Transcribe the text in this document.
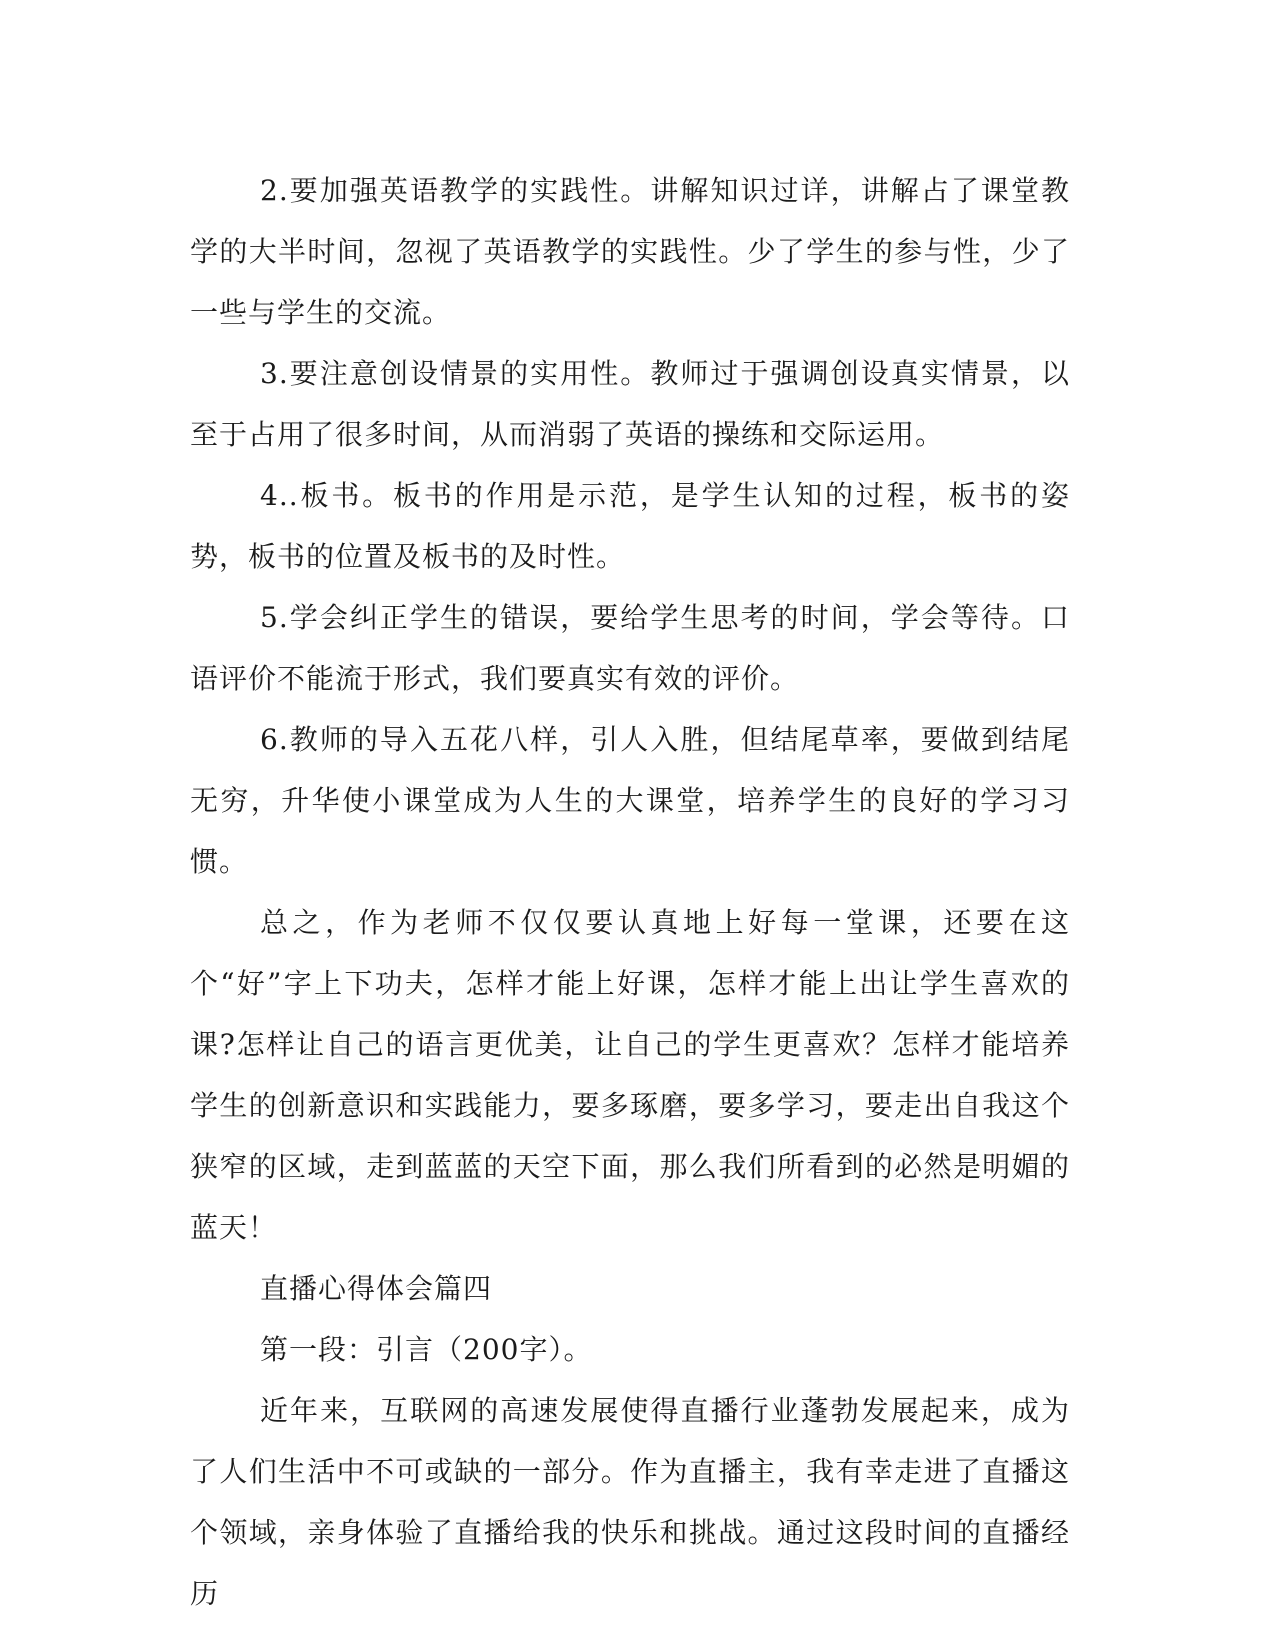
2.要加强英语教学的实践性。讲解知识过详，讲解占了课堂教学的大半时间，忽视了英语教学的实践性。少了学生的参与性，少了一些与学生的交流。

3.要注意创设情景的实用性。教师过于强调创设真实情景，以至于占用了很多时间，从而消弱了英语的操练和交际运用。

4..板书。板书的作用是示范，是学生认知的过程，板书的姿势，板书的位置及板书的及时性。

5.学会纠正学生的错误，要给学生思考的时间，学会等待。口语评价不能流于形式，我们要真实有效的评价。

6.教师的导入五花八样，引人入胜，但结尾草率，要做到结尾无穷，升华使小课堂成为人生的大课堂，培养学生的良好的学习习惯。

总之，作为老师不仅仅要认真地上好每一堂课，还要在这个“好”字上下功夫，怎样才能上好课，怎样才能上出让学生喜欢的课?怎样让自己的语言更优美，让自己的学生更喜欢？怎样才能培养学生的创新意识和实践能力，要多琢磨，要多学习，要走出自我这个狭窄的区域，走到蓝蓝的天空下面，那么我们所看到的必然是明媚的蓝天！

直播心得体会篇四

第一段：引言（200字）。

近年来，互联网的高速发展使得直播行业蓬勃发展起来，成为了人们生活中不可或缺的一部分。作为直播主，我有幸走进了直播这个领域，亲身体验了直播给我的快乐和挑战。通过这段时间的直播经历
